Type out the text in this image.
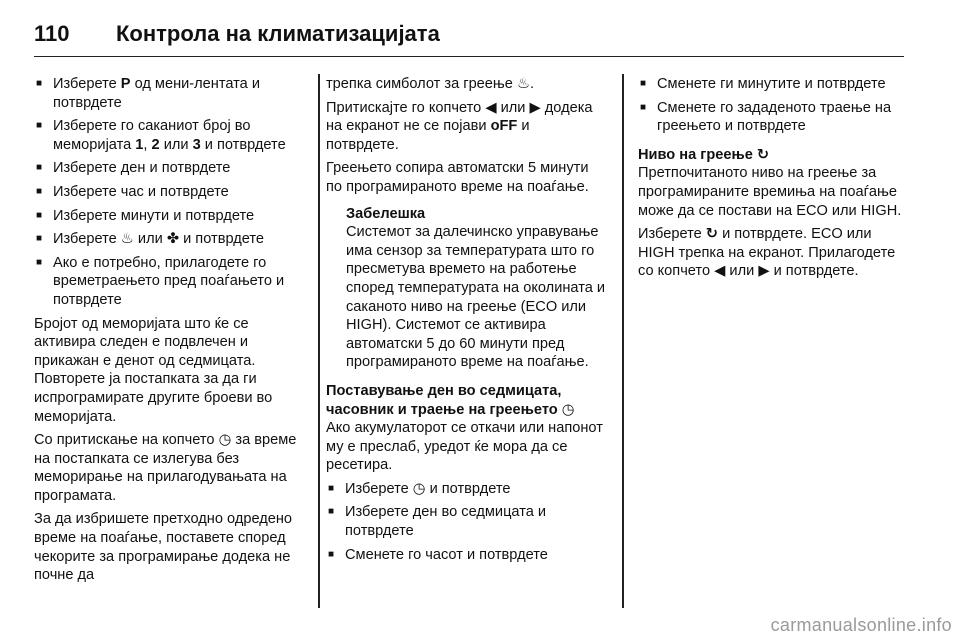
110	Контрола на климатизацијата
■ Изберете P од мени-лентата и потврдете
■ Изберете го саканиот број во меморијата 1, 2 или 3 и потврдете
■ Изберете ден и потврдете
■ Изберете час и потврдете
■ Изберете минути и потврдете
■ Изберете ♨ или ✤ и потврдете
■ Ако е потребно, прилагодете го времетраењето пред поаѓањето и потврдете

Бројот од меморијата што ќе се активира следен е подвлечен и прикажан е денот од седмицата. Повторете ја постапката за да ги испрограмирате другите броеви во меморијата.

Со притискање на копчето ◷ за време на постапката се излегува без меморирање на прилагодувањата на програмата.

За да избришете претходно одредено време на поаѓање, поставете според чекорите за програмирање додека не почне да

трепка симболот за греење ♨.

Притискајте го копчето ◀ или ▶ додека на екранот не се појави oFF и потврдете.

Греењето сопира автоматски 5 минути по програмираното време на поаѓање.

Забелешка
Системот за далечинско управување има сензор за температурата што го пресметува времето на работење според температурата на околината и саканото ниво на греење (ECO или HIGH). Системот се активира автоматски 5 до 60 минути пред програмираното време на поаѓање.
Поставување ден во седмицата, часовник и траење на греењето ◷

Ако акумулаторот се откачи или напонот му е преслаб, уредот ќе мора да се ресетира.

■ Изберете ◷ и потврдете
■ Изберете ден во седмицата и потврдете
■ Сменете го часот и потврдете
■ Сменете ги минутите и потврдете
■ Сменете го зададеното траење на греењето и потврдете
Ниво на греење ↻

Претпочитаното ниво на греење за програмираните времиња на поаѓање може да се постави на ECO или HIGH.

Изберете ↻ и потврдете. ECO или HIGH трепка на екранот. Прилагодете со копчето ◀ или ▶ и потврдете.

carmanualsonline.info
